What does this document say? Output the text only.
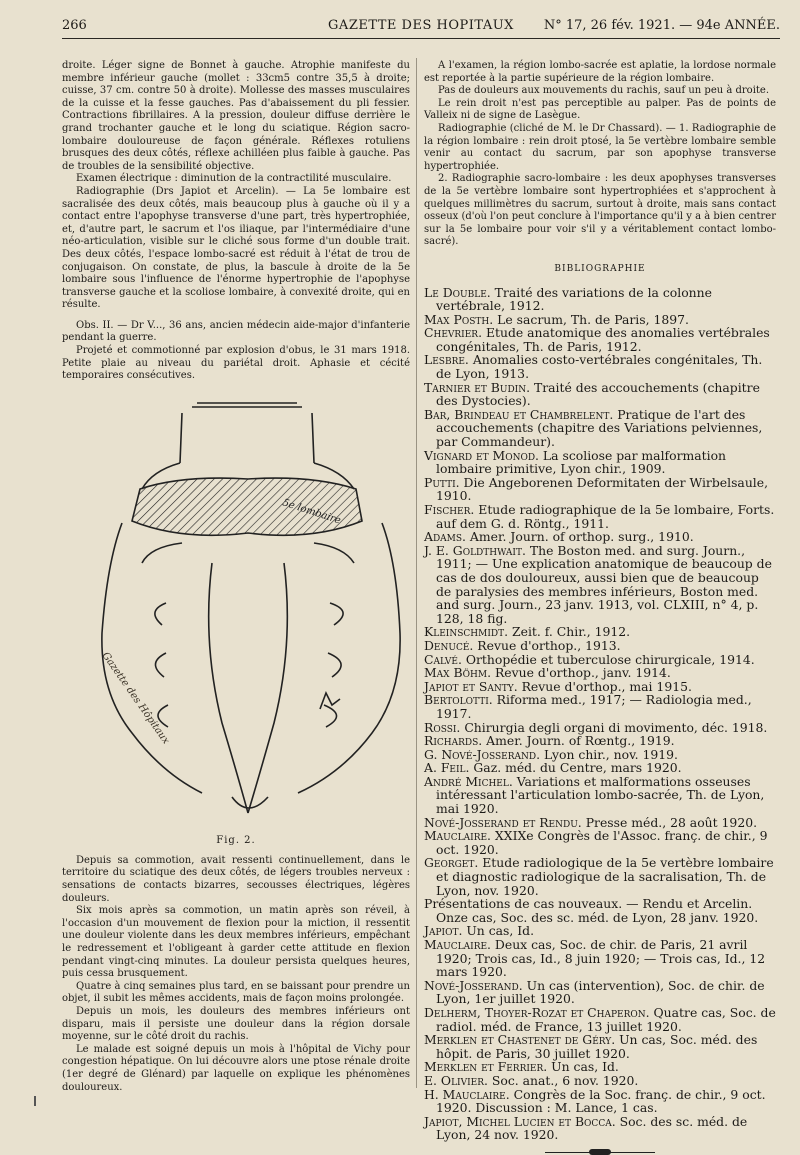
266	GAZETTE DES HOPITAUX	N° 17, 26 fév. 1921. — 94e ANNÉE.

droite. Léger signe de Bonnet à gauche. Atrophie manifeste du membre inférieur gauche (mollet : 33cm5 contre 35,5 à droite; cuisse, 37 cm. contre 50 à droite). Mollesse des masses musculaires de la cuisse et la fesse gauches. Pas d'abaissement du pli fessier. Contractions fibrillaires. A la pression, douleur diffuse derrière le grand trochanter gauche et le long du sciatique. Région sacro-lombaire douloureuse de façon générale. Réflexes rotuliens brusques des deux côtés, réflexe achilléen plus faible à gauche. Pas de troubles de la sensibilité objective.

Examen électrique : diminution de la contractilité musculaire.

Radiographie (Drs Japiot et Arcelin). — La 5e lombaire est sacralisée des deux côtés, mais beaucoup plus à gauche où il y a contact entre l'apophyse transverse d'une part, très hypertrophiée, et, d'autre part, le sacrum et l'os iliaque, par l'intermédiaire d'une néo-articulation, visible sur le cliché sous forme d'un double trait. Des deux côtés, l'espace lombo-sacré est réduit à l'état de trou de conjugaison. On constate, de plus, la bascule à droite de la 5e lombaire sous l'influence de l'énorme hypertrophie de l'apophyse transverse gauche et la scoliose lombaire, à convexité droite, qui en résulte.

Obs. II. — Dr V..., 36 ans, ancien médecin aide-major d'infanterie pendant la guerre.

Projeté et commotionné par explosion d'obus, le 31 mars 1918. Petite plaie au niveau du pariétal droit. Aphasie et cécité temporaires consécutives.

5e lombaire
Gazette des Hôpitaux
Fig. 2.

Depuis sa commotion, avait ressenti continuellement, dans le territoire du sciatique des deux côtés, de légers troubles nerveux : sensations de contacts bizarres, secousses électriques, légères douleurs.

Six mois après sa commotion, un matin après son réveil, à l'occasion d'un mouvement de flexion pour la miction, il ressentit une douleur violente dans les deux membres inférieurs, empêchant le redressement et l'obligeant à garder cette attitude en flexion pendant vingt-cinq minutes. La douleur persista quelques heures, puis cessa brusquement.

Quatre à cinq semaines plus tard, en se baissant pour prendre un objet, il subit les mêmes accidents, mais de façon moins prolongée.

Depuis un mois, les douleurs des membres inférieurs ont disparu, mais il persiste une douleur dans la région dorsale moyenne, sur le côté droit du rachis.

Le malade est soigné depuis un mois à l'hôpital de Vichy pour congestion hépatique. On lui découvre alors une ptose rénale droite (1er degré de Glénard) par laquelle on explique les phénomènes douloureux.

A l'examen, la région lombo-sacrée est aplatie, la lordose normale est reportée à la partie supérieure de la région lombaire.

Pas de douleurs aux mouvements du rachis, sauf un peu à droite.

Le rein droit n'est pas perceptible au palper. Pas de points de Valleix ni de signe de Lasègue.

Radiographie (cliché de M. le Dr Chassard). — 1. Radiographie de la région lombaire : rein droit ptosé, la 5e vertèbre lombaire semble venir au contact du sacrum, par son apophyse transverse hypertrophiée.

2. Radiographie sacro-lombaire : les deux apophyses transverses de la 5e vertèbre lombaire sont hypertrophiées et s'approchent à quelques millimètres du sacrum, surtout à droite, mais sans contact osseux (d'où l'on peut conclure à l'importance qu'il y a à bien centrer sur la 5e lombaire pour voir s'il y a véritablement contact lombo-sacré).

BIBLIOGRAPHIE
Le Double. Traité des variations de la colonne vertébrale, 1912.
Max Posth. Le sacrum, Th. de Paris, 1897.
Chevrier. Etude anatomique des anomalies vertébrales congénitales, Th. de Paris, 1912.
Lesbre. Anomalies costo-vertébrales congénitales, Th. de Lyon, 1913.
Tarnier et Budin. Traité des accouchements (chapitre des Dystocies).
Bar, Brindeau et Chambrelent. Pratique de l'art des accouchements (chapitre des Variations pelviennes, par Commandeur).
Vignard et Monod. La scoliose par malformation lombaire primitive, Lyon chir., 1909.
Putti. Die Angeborenen Deformitaten der Wirbelsaule, 1910.
Fischer. Etude radiographique de la 5e lombaire, Forts. auf dem G. d. Röntg., 1911.
Adams. Amer. Journ. of orthop. surg., 1910.
J. E. Goldthwait. The Boston med. and surg. Journ., 1911; — Une explication anatomique de beaucoup de cas de dos douloureux, aussi bien que de beaucoup de paralysies des membres inférieurs, Boston med. and surg. Journ., 23 janv. 1913, vol. CLXIII, n° 4, p. 128, 18 fig.
Kleinschmidt. Zeit. f. Chir., 1912.
Denucé. Revue d'orthop., 1913.
Calvé. Orthopédie et tuberculose chirurgicale, 1914.
Max Böhm. Revue d'orthop., janv. 1914.
Japiot et Santy. Revue d'orthop., mai 1915.
Bertolotti. Riforma med., 1917; — Radiologia med., 1917.
Rossi. Chirurgia degli organi di movimento, déc. 1918.
Richards. Amer. Journ. of Rœntg., 1919.
G. Nové-Josserand. Lyon chir., nov. 1919.
A. Feil. Gaz. méd. du Centre, mars 1920.
André Michel. Variations et malformations osseuses intéressant l'articulation lombo-sacrée, Th. de Lyon, mai 1920.
Nové-Josserand et Rendu. Presse méd., 28 août 1920.
Mauclaire. XXIXe Congrès de l'Assoc. franç. de chir., 9 oct. 1920.
Georget. Etude radiologique de la 5e vertèbre lombaire et diagnostic radiologique de la sacralisation, Th. de Lyon, nov. 1920.
Présentations de cas nouveaux. — Rendu et Arcelin. Onze cas, Soc. des sc. méd. de Lyon, 28 janv. 1920.
Japiot. Un cas, Id.
Mauclaire. Deux cas, Soc. de chir. de Paris, 21 avril 1920; Trois cas, Id., 8 juin 1920; — Trois cas, Id., 12 mars 1920.
Nové-Josserand. Un cas (intervention), Soc. de chir. de Lyon, 1er juillet 1920.
Delherm, Thoyer-Rozat et Chaperon. Quatre cas, Soc. de radiol. méd. de France, 13 juillet 1920.
Merklen et Chastenet de Géry. Un cas, Soc. méd. des hôpit. de Paris, 30 juillet 1920.
Merklen et Ferrier. Un cas, Id.
E. Olivier. Soc. anat., 6 nov. 1920.
H. Mauclaire. Congrès de la Soc. franç. de chir., 9 oct. 1920. Discussion : M. Lance, 1 cas.
Japiot, Michel Lucien et Bocca. Soc. des sc. méd. de Lyon, 24 nov. 1920.
